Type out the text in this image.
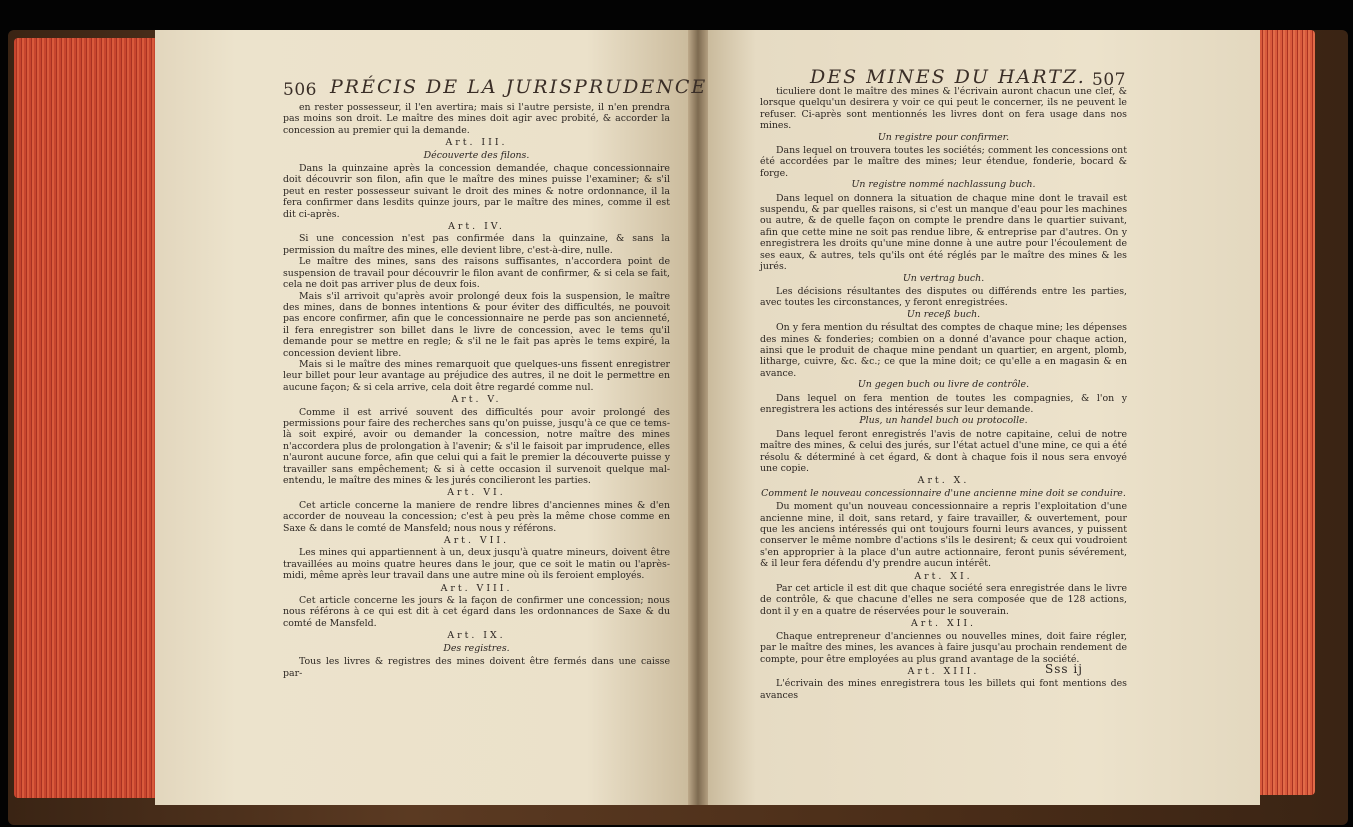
506 PRÉCIS DE LA JURISPRUDENCE	DES MINES DU HARTZ. 507

en rester possesseur, il l'en avertira; mais si l'autre persiste, il n'en prendra pas moins son droit. Le maître des mines doit agir avec probité, & accorder la concession au premier qui la demande.

Art. III.

Découverte des filons.

Dans la quinzaine après la concession demandée, chaque concessionnaire doit découvrir son filon, afin que le maître des mines puisse l'examiner; & s'il peut en rester possesseur suivant le droit des mines & notre ordonnance, il la fera confirmer dans lesdits quinze jours, par le maître des mines, comme il est dit ci-après.

Art. IV.

Si une concession n'est pas confirmée dans la quinzaine, & sans la permission du maître des mines, elle devient libre, c'est-à-dire, nulle.

Le maître des mines, sans des raisons suffisantes, n'accordera point de suspension de travail pour découvrir le filon avant de confirmer, & si cela se fait, cela ne doit pas arriver plus de deux fois.

Mais s'il arrivoit qu'après avoir prolongé deux fois la suspension, le maître des mines, dans de bonnes intentions & pour éviter des difficultés, ne pouvoit pas encore confirmer, afin que le concessionnaire ne perde pas son ancienneté, il fera enregistrer son billet dans le livre de concession, avec le tems qu'il demande pour se mettre en regle; & s'il ne le fait pas après le tems expiré, la concession devient libre.

Mais si le maître des mines remarquoit que quelques-uns fissent enregistrer leur billet pour leur avantage au préjudice des autres, il ne doit le permettre en aucune façon; & si cela arrive, cela doit être regardé comme nul.

Art. V.

Comme il est arrivé souvent des difficultés pour avoir prolongé des permissions pour faire des recherches sans qu'on puisse, jusqu'à ce que ce tems-là soit expiré, avoir ou demander la concession, notre maître des mines n'accordera plus de prolongation à l'avenir; & s'il le faisoit par imprudence, elles n'auront aucune force, afin que celui qui a fait le premier la découverte puisse y travailler sans empêchement; & si à cette occasion il survenoit quelque mal-entendu, le maître des mines & les jurés concilieront les parties.

Art. VI.

Cet article concerne la maniere de rendre libres d'anciennes mines & d'en accorder de nouveau la concession; c'est à peu près la même chose comme en Saxe & dans le comté de Mansfeld; nous nous y référons.

Art. VII.

Les mines qui appartiennent à un, deux jusqu'à quatre mineurs, doivent être travaillées au moins quatre heures dans le jour, que ce soit le matin ou l'après-midi, même après leur travail dans une autre mine où ils feroient employés.

Art. VIII.

Cet article concerne les jours & la façon de confirmer une concession; nous nous référons à ce qui est dit à cet égard dans les ordonnances de Saxe & du comté de Mansfeld.

Art. IX.

Des registres.

Tous les livres & registres des mines doivent être fermés dans une caisse par-

ticuliere dont le maître des mines & l'écrivain auront chacun une clef, & lorsque quelqu'un desirera y voir ce qui peut le concerner, ils ne peuvent le refuser. Ci-après sont mentionnés les livres dont on fera usage dans nos mines.

Un registre pour confirmer.

Dans lequel on trouvera toutes les sociétés; comment les concessions ont été accordées par le maître des mines; leur étendue, fonderie, bocard & forge.

Un registre nommé nachlassung buch.

Dans lequel on donnera la situation de chaque mine dont le travail est suspendu, & par quelles raisons, si c'est un manque d'eau pour les machines ou autre, & de quelle façon on compte le prendre dans le quartier suivant, afin que cette mine ne soit pas rendue libre, & entreprise par d'autres. On y enregistrera les droits qu'une mine donne à une autre pour l'écoulement de ses eaux, & autres, tels qu'ils ont été réglés par le maître des mines & les jurés.

Un vertrag buch.

Les décisions résultantes des disputes ou différends entre les parties, avec toutes les circonstances, y feront enregistrées.

Un receß buch.

On y fera mention du résultat des comptes de chaque mine; les dépenses des mines & fonderies; combien on a donné d'avance pour chaque action, ainsi que le produit de chaque mine pendant un quartier, en argent, plomb, litharge, cuivre, &c. &c.; ce que la mine doit; ce qu'elle a en magasin & en avance.

Un gegen buch ou livre de contrôle.

Dans lequel on fera mention de toutes les compagnies, & l'on y enregistrera les actions des intéressés sur leur demande.

Plus, un handel buch ou protocolle.

Dans lequel feront enregistrés l'avis de notre capitaine, celui de notre maître des mines, & celui des jurés, sur l'état actuel d'une mine, ce qui a été résolu & déterminé à cet égard, & dont à chaque fois il nous sera envoyé une copie.

Art. X.

Comment le nouveau concessionnaire d'une ancienne mine doit se conduire.

Du moment qu'un nouveau concessionnaire a repris l'exploitation d'une ancienne mine, il doit, sans retard, y faire travailler, & ouvertement, pour que les anciens intéressés qui ont toujours fourni leurs avances, y puissent conserver le même nombre d'actions s'ils le desirent; & ceux qui voudroient s'en approprier à la place d'un autre actionnaire, feront punis sévérement, & il leur fera défendu d'y prendre aucun intérêt.

Art. XI.

Par cet article il est dit que chaque société sera enregistrée dans le livre de contrôle, & que chacune d'elles ne sera composée que de 128 actions, dont il y en a quatre de réservées pour le souverain.

Art. XII.

Chaque entrepreneur d'anciennes ou nouvelles mines, doit faire régler, par le maître des mines, les avances à faire jusqu'au prochain rendement de compte, pour être employées au plus grand avantage de la société.

Art. XIII.

L'écrivain des mines enregistrera tous les billets qui font mentions des avances

Sss ij
